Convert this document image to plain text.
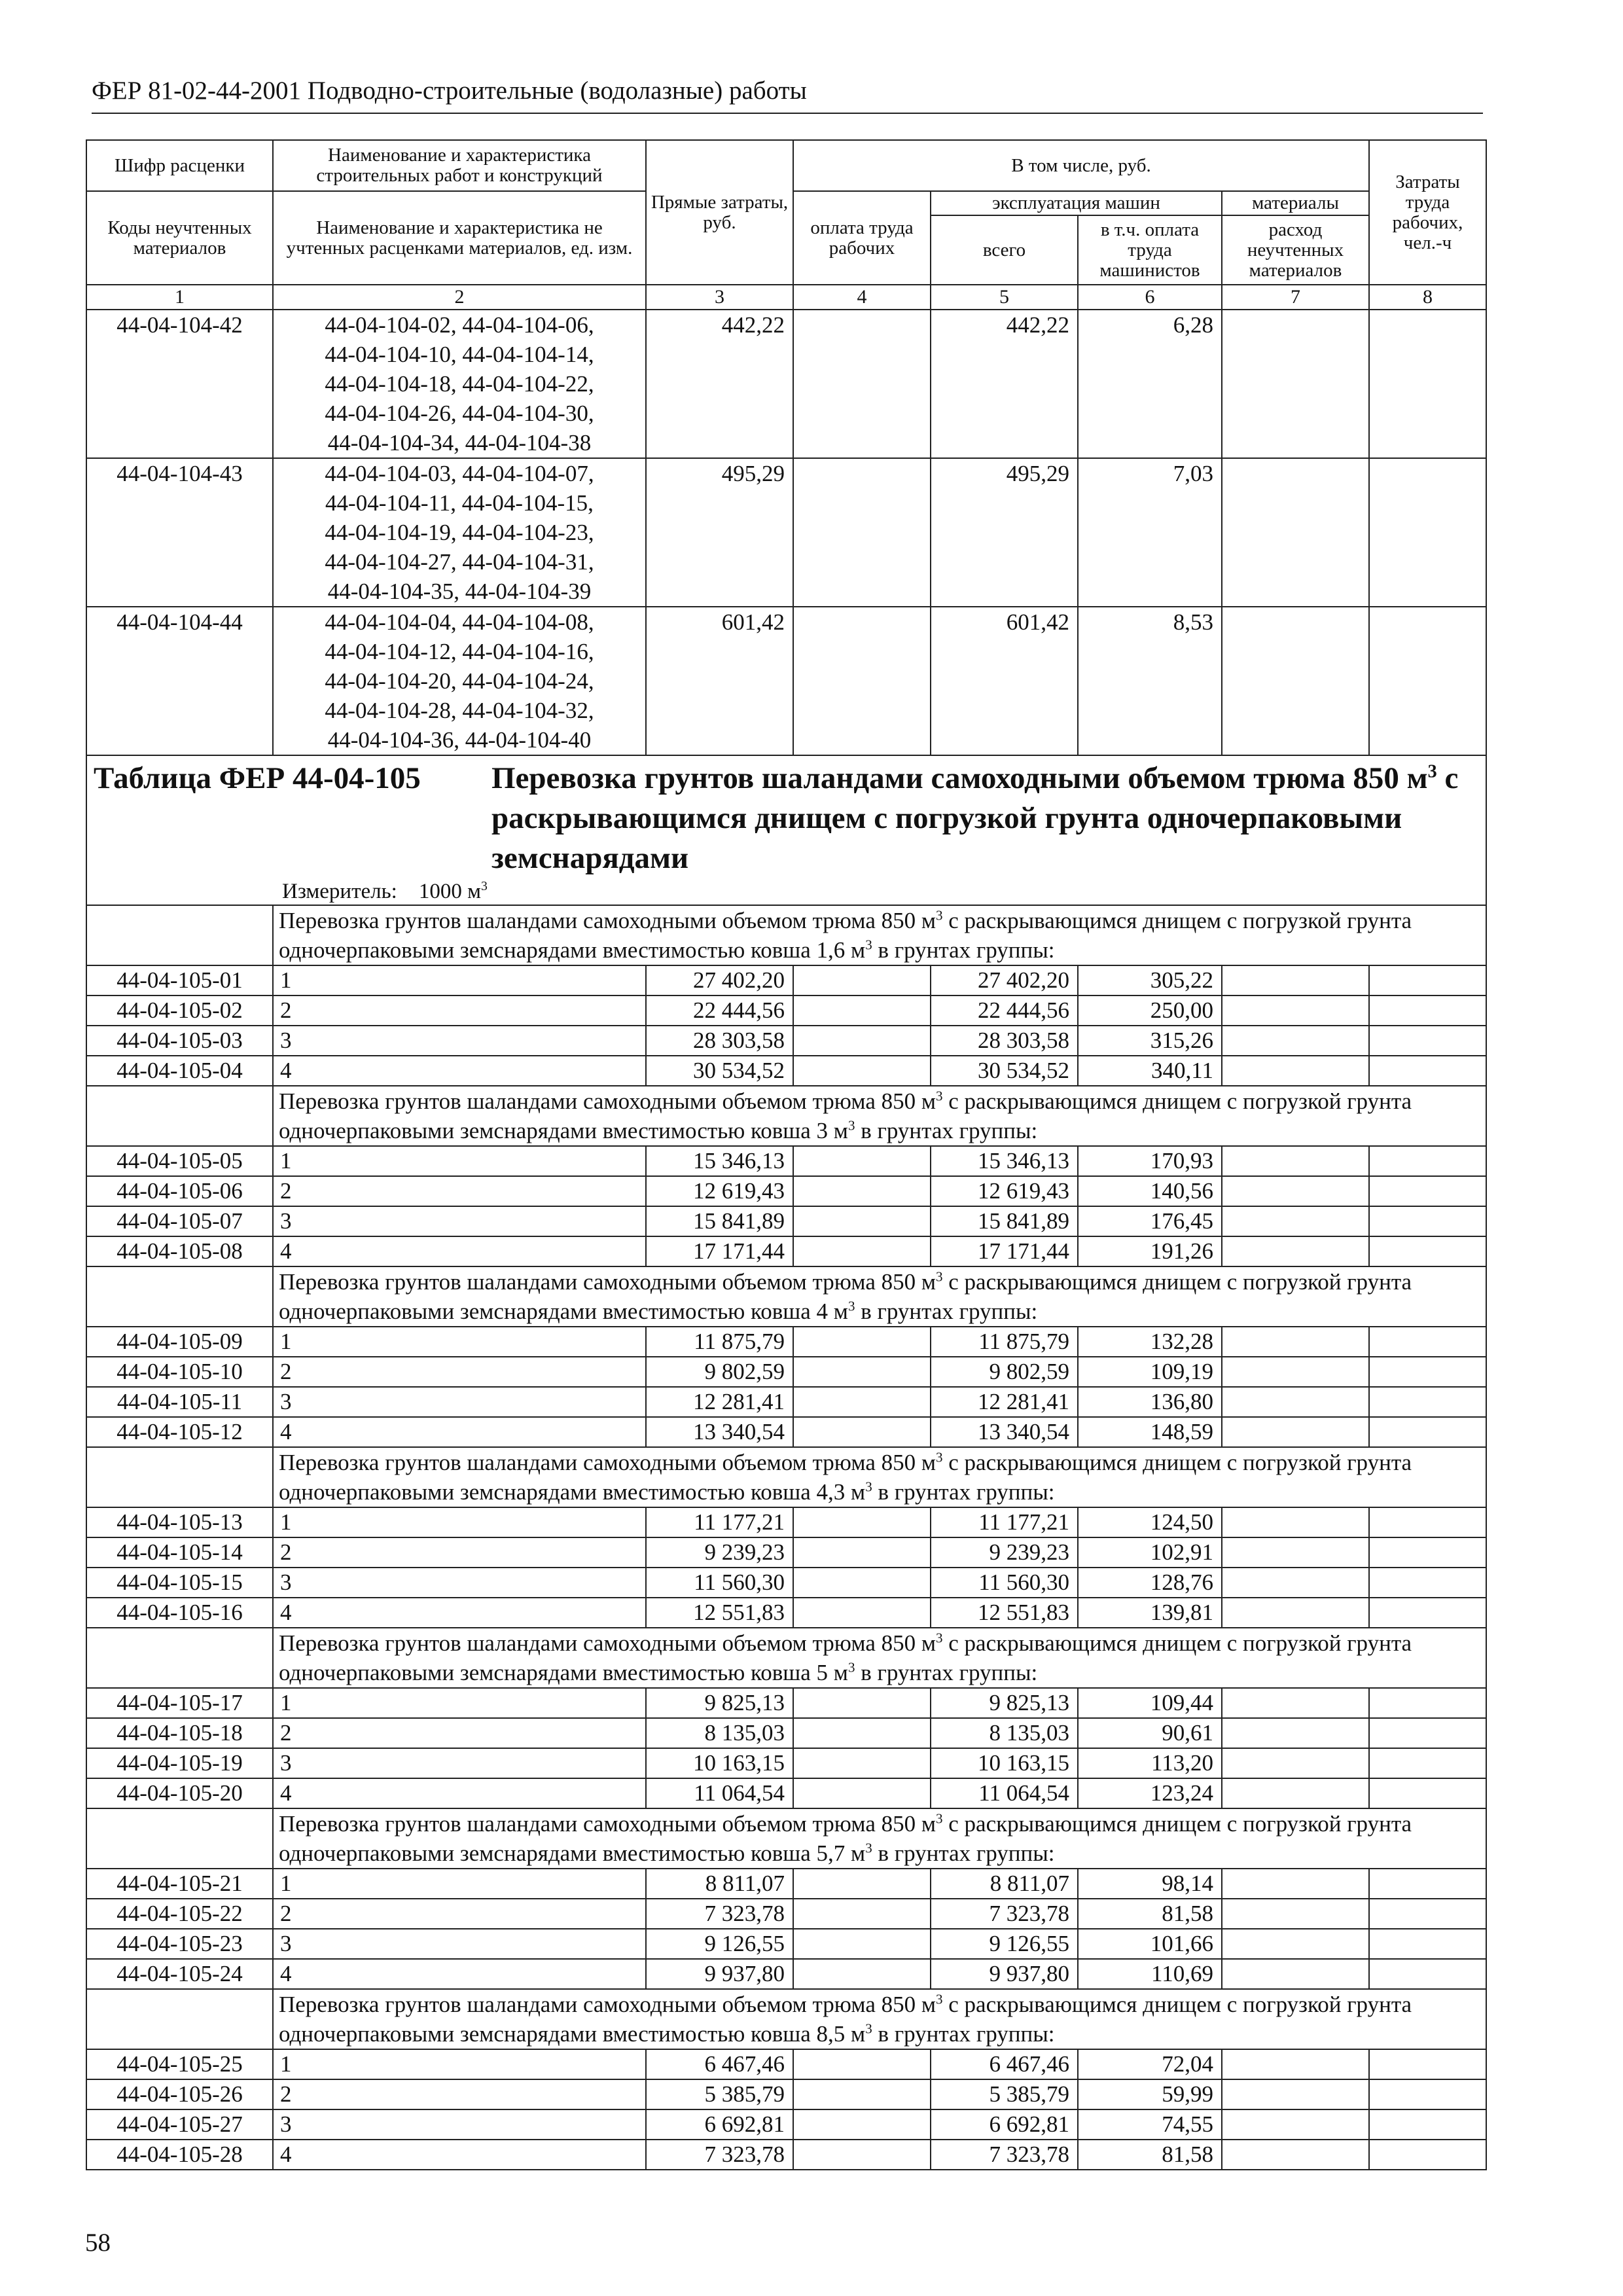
ФЕР 81-02-44-2001 Подводно-строительные (водолазные) работы
Шифр расценки	Наименование и характеристика строительных работ и конструкций	Прямые затраты, руб.	В том числе, руб.				Затраты труда рабочих, чел.-ч
Коды неучтенных материалов	Наименование и характеристика не учтенных расценками материалов, ед. изм.		оплата труда рабочих	эксплуатация машин		материалы	
				всего	в т.ч. оплата труда машинистов	расход неучтенных материалов	
1	2	3	4	5	6	7	8
44-04-104-42	44-04-104-02, 44-04-104-06,
44-04-104-10, 44-04-104-14,
44-04-104-18, 44-04-104-22,
44-04-104-26, 44-04-104-30,
44-04-104-34, 44-04-104-38	442,22		442,22	6,28		
44-04-104-43	44-04-104-03, 44-04-104-07,
44-04-104-11, 44-04-104-15,
44-04-104-19, 44-04-104-23,
44-04-104-27, 44-04-104-31,
44-04-104-35, 44-04-104-39	495,29		495,29	7,03		
44-04-104-44	44-04-104-04, 44-04-104-08,
44-04-104-12, 44-04-104-16,
44-04-104-20, 44-04-104-24,
44-04-104-28, 44-04-104-32,
44-04-104-36, 44-04-104-40	601,42		601,42	8,53		

Таблица ФЕР 44-04-105 Перевозка грунтов шаландами самоходными объемом трюма 850 $м^3$ с раскрывающимся днищем с погрузкой грунта одночерпаковыми земснарядами
Измеритель: 1000 $м^3$

	Перевозка грунтов шаландами самоходными объемом трюма 850 $м^3$ с раскрывающимся днищем с погрузкой грунта одночерпаковыми земснарядами вместимостью ковша 1,6 $м^3$ в грунтах группы:						
44-04-105-01	1	27 402,20		27 402,20	305,22		
44-04-105-02	2	22 444,56		22 444,56	250,00		
44-04-105-03	3	28 303,58		28 303,58	315,26		
44-04-105-04	4	30 534,52		30 534,52	340,11		
	Перевозка грунтов шаландами самоходными объемом трюма 850 $м^3$ с раскрывающимся днищем с погрузкой грунта одночерпаковыми земснарядами вместимостью ковша 3 $м^3$ в грунтах группы:						
44-04-105-05	1	15 346,13		15 346,13	170,93		
44-04-105-06	2	12 619,43		12 619,43	140,56		
44-04-105-07	3	15 841,89		15 841,89	176,45		
44-04-105-08	4	17 171,44		17 171,44	191,26		
	Перевозка грунтов шаландами самоходными объемом трюма 850 $м^3$ с раскрывающимся днищем с погрузкой грунта одночерпаковыми земснарядами вместимостью ковша 4 $м^3$ в грунтах группы:						
44-04-105-09	1	11 875,79		11 875,79	132,28		
44-04-105-10	2	9 802,59		9 802,59	109,19		
44-04-105-11	3	12 281,41		12 281,41	136,80		
44-04-105-12	4	13 340,54		13 340,54	148,59		
	Перевозка грунтов шаландами самоходными объемом трюма 850 $м^3$ с раскрывающимся днищем с погрузкой грунта одночерпаковыми земснарядами вместимостью ковша 4,3 $м^3$ в грунтах группы:						
44-04-105-13	1	11 177,21		11 177,21	124,50		
44-04-105-14	2	9 239,23		9 239,23	102,91		
44-04-105-15	3	11 560,30		11 560,30	128,76		
44-04-105-16	4	12 551,83		12 551,83	139,81		
	Перевозка грунтов шаландами самоходными объемом трюма 850 $м^3$ с раскрывающимся днищем с погрузкой грунта одночерпаковыми земснарядами вместимостью ковша 5 $м^3$ в грунтах группы:						
44-04-105-17	1	9 825,13		9 825,13	109,44		
44-04-105-18	2	8 135,03		8 135,03	90,61		
44-04-105-19	3	10 163,15		10 163,15	113,20		
44-04-105-20	4	11 064,54		11 064,54	123,24		
	Перевозка грунтов шаландами самоходными объемом трюма 850 $м^3$ с раскрывающимся днищем с погрузкой грунта одночерпаковыми земснарядами вместимостью ковша 5,7 $м^3$ в грунтах группы:						
44-04-105-21	1	8 811,07		8 811,07	98,14		
44-04-105-22	2	7 323,78		7 323,78	81,58		
44-04-105-23	3	9 126,55		9 126,55	101,66		
44-04-105-24	4	9 937,80		9 937,80	110,69		
	Перевозка грунтов шаландами самоходными объемом трюма 850 $м^3$ с раскрывающимся днищем с погрузкой грунта одночерпаковыми земснарядами вместимостью ковша 8,5 $м^3$ в грунтах группы:						
44-04-105-25	1	6 467,46		6 467,46	72,04		
44-04-105-26	2	5 385,79		5 385,79	59,99		
44-04-105-27	3	6 692,81		6 692,81	74,55		
44-04-105-28	4	7 323,78		7 323,78	81,58		
58
